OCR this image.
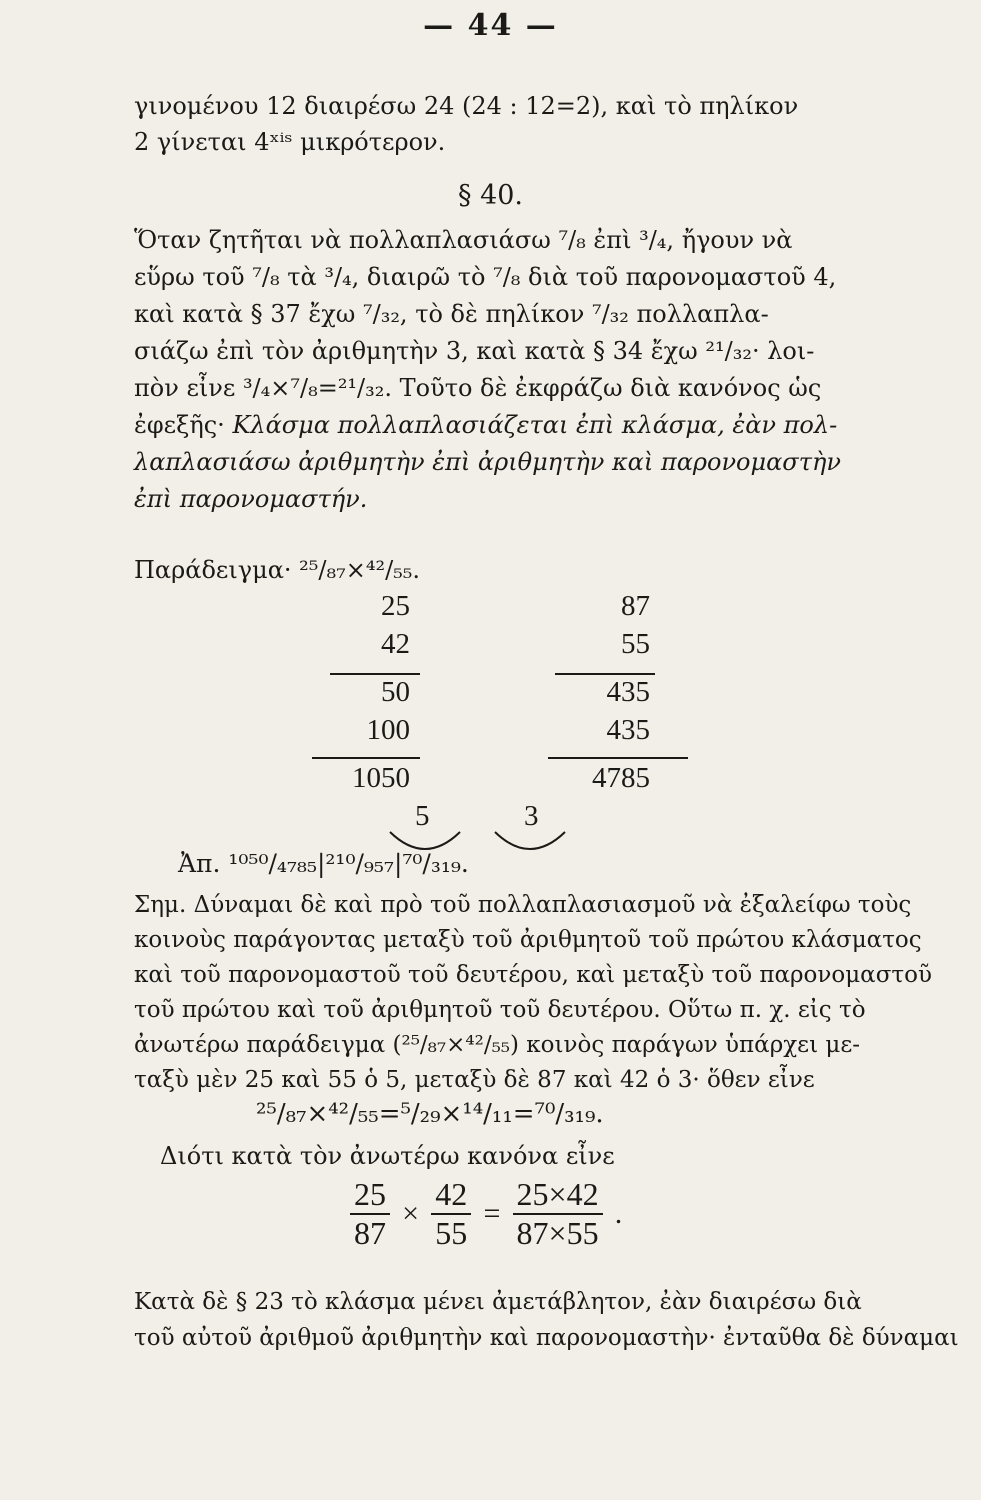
— 44 —
γινομένου 12 διαιρέσω 24 (24 : 12=2), καὶ τὸ πηλίκον
2 γίνεται 4ˣⁱˢ μικρότερον.
§ 40.
Ὅταν ζητῆται νὰ πολλαπλασιάσω ⁷/₈ ἐπὶ ³/₄, ἤγουν νὰ
εὕρω τοῦ ⁷/₈ τὰ ³/₄, διαιρῶ τὸ ⁷/₈ διὰ τοῦ παρονομαστοῦ 4,
καὶ κατὰ § 37 ἔχω ⁷/₃₂, τὸ δὲ πηλίκον ⁷/₃₂ πολλαπλα-
σιάζω ἐπὶ τὸν ἀριθμητὴν 3, καὶ κατὰ § 34 ἔχω ²¹/₃₂· λοι-
πὸν εἶνε ³/₄×⁷/₈=²¹/₃₂. Τοῦτο δὲ ἐκφράζω διὰ κανόνος ὡς
ἐφεξῆς· Κλάσμα πολλαπλασιάζεται ἐπὶ κλάσμα, ἐὰν πολ-
λαπλασιάσω ἀριθμητὴν ἐπὶ ἀριθμητὴν καὶ παρονομαστὴν
ἐπὶ παρονομαστήν.
Παράδειγμα· ²⁵/₈₇×⁴²/₅₅.
25
42
50
100
1050
87
55
435
435
4785
5	3
Ἀπ. ¹⁰⁵⁰/₄₇₈₅|²¹⁰/₉₅₇|⁷⁰/₃₁₉.
Σημ. Δύναμαι δὲ καὶ πρὸ τοῦ πολλαπλασιασμοῦ νὰ ἐξαλείφω τοὺς
κοινοὺς παράγοντας μεταξὺ τοῦ ἀριθμητοῦ τοῦ πρώτου κλάσματος
καὶ τοῦ παρονομαστοῦ τοῦ δευτέρου, καὶ μεταξὺ τοῦ παρονομαστοῦ
τοῦ πρώτου καὶ τοῦ ἀριθμητοῦ τοῦ δευτέρου. Οὕτω π. χ. εἰς τὸ
ἀνωτέρω παράδειγμα (²⁵/₈₇×⁴²/₅₅) κοινὸς παράγων ὑπάρχει με-
ταξὺ μὲν 25 καὶ 55 ὁ 5, μεταξὺ δὲ 87 καὶ 42 ὁ 3· ὅθεν εἶνε
²⁵/₈₇×⁴²/₅₅=⁵/₂₉×¹⁴/₁₁=⁷⁰/₃₁₉.
Διότι κατὰ τὸν ἀνωτέρω κανόνα εἶνε
$\frac{25}{87} \times \frac{42}{55} = \frac{25\times 42}{87\times 55}$ .
Κατὰ δὲ § 23 τὸ κλάσμα μένει ἀμετάβλητον, ἐὰν διαιρέσω διὰ
τοῦ αὐτοῦ ἀριθμοῦ ἀριθμητὴν καὶ παρονομαστὴν· ἐνταῦθα δὲ δύναμαι
